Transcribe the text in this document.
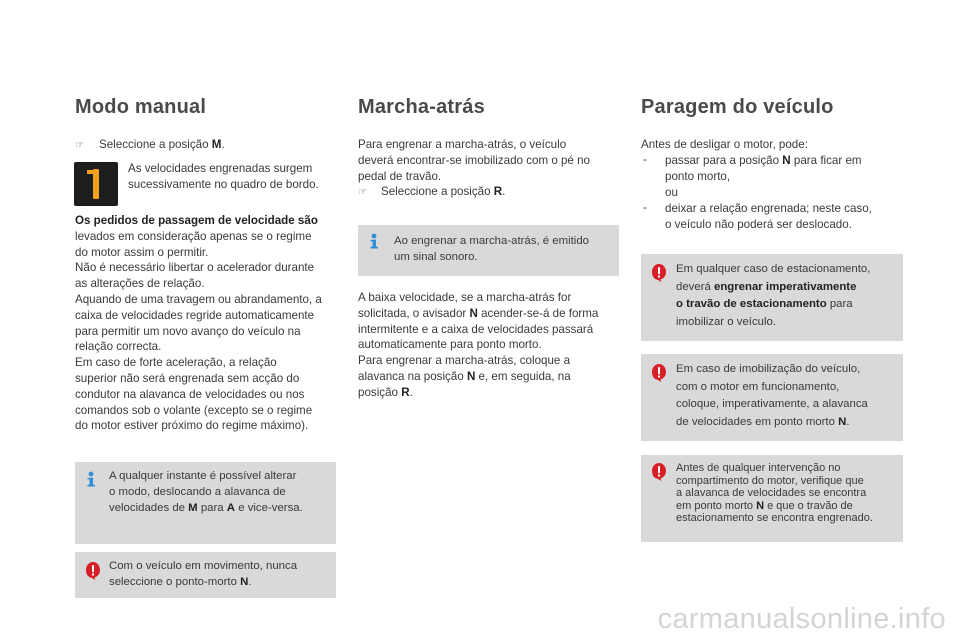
Modo manual
☞ Seleccione a posição M.

As velocidades engrenadas surgem
sucessivamente no quadro de bordo.

Os pedidos de passagem de velocidade são
levados em consideração apenas se o regime
do motor assim o permitir.
Não é necessário libertar o acelerador durante
as alterações de relação.
Aquando de uma travagem ou abrandamento, a
caixa de velocidades regride automaticamente
para permitir um novo avanço do veículo na
relação correcta.
Em caso de forte aceleração, a relação
superior não será engrenada sem acção do
condutor na alavanca de velocidades ou nos
comandos sob o volante (excepto se o regime
do motor estiver próximo do regime máximo).

A qualquer instante é possível alterar
o modo, deslocando a alavanca de
velocidades de M para A e vice-versa.
Com o veículo em movimento, nunca
seleccione o ponto-morto N.
Marcha-atrás

Para engrenar a marcha-atrás, o veículo
deverá encontrar-se imobilizado com o pé no
pedal de travão.

☞ Seleccione a posição R.

Ao engrenar a marcha-atrás, é emitido
um sinal sonoro.

A baixa velocidade, se a marcha-atrás for
solicitada, o avisador N acender-se-á de forma
intermitente e a caixa de velocidades passará
automaticamente para ponto morto.
Para engrenar a marcha-atrás, coloque a
alavanca na posição N e, em seguida, na
posição R.

Paragem do veículo

Antes de desligar o motor, pode:

- passar para a posição N para ficar em
ponto morto,
ou

- deixar a relação engrenada; neste caso,
o veículo não poderá ser deslocado.

Em qualquer caso de estacionamento,
deverá engrenar imperativamente
o travão de estacionamento para
imobilizar o veículo.
Em caso de imobilização do veículo,
com o motor em funcionamento,
coloque, imperativamente, a alavanca
de velocidades em ponto morto N.
Antes de qualquer intervenção no
compartimento do motor, verifique que
a alavanca de velocidades se encontra
em ponto morto N e que o travão de
estacionamento se encontra engrenado.
carmanualsonline.info
